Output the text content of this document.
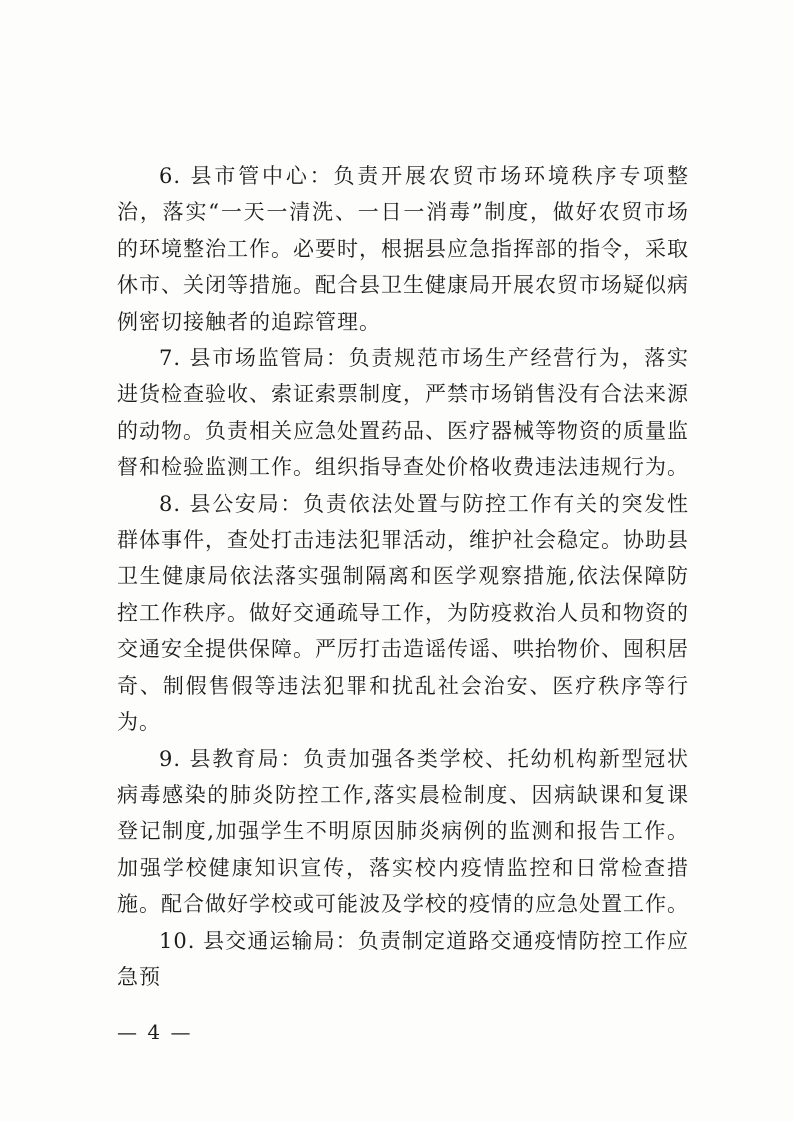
6. 县市管中心：负责开展农贸市场环境秩序专项整治，落实“一天一清洗、一日一消毒”制度，做好农贸市场的环境整治工作。必要时，根据县应急指挥部的指令，采取休市、关闭等措施。配合县卫生健康局开展农贸市场疑似病例密切接触者的追踪管理。

7. 县市场监管局：负责规范市场生产经营行为，落实进货检查验收、索证索票制度，严禁市场销售没有合法来源的动物。负责相关应急处置药品、医疗器械等物资的质量监督和检验监测工作。组织指导查处价格收费违法违规行为。

8. 县公安局：负责依法处置与防控工作有关的突发性群体事件，查处打击违法犯罪活动，维护社会稳定。协助县卫生健康局依法落实强制隔离和医学观察措施,依法保障防控工作秩序。做好交通疏导工作，为防疫救治人员和物资的交通安全提供保障。严厉打击造谣传谣、哄抬物价、囤积居奇、制假售假等违法犯罪和扰乱社会治安、医疗秩序等行为。

9. 县教育局：负责加强各类学校、托幼机构新型冠状病毒感染的肺炎防控工作,落实晨检制度、因病缺课和复课登记制度,加强学生不明原因肺炎病例的监测和报告工作。加强学校健康知识宣传，落实校内疫情监控和日常检查措施。配合做好学校或可能波及学校的疫情的应急处置工作。

10. 县交通运输局：负责制定道路交通疫情防控工作应急预

— 4 —
